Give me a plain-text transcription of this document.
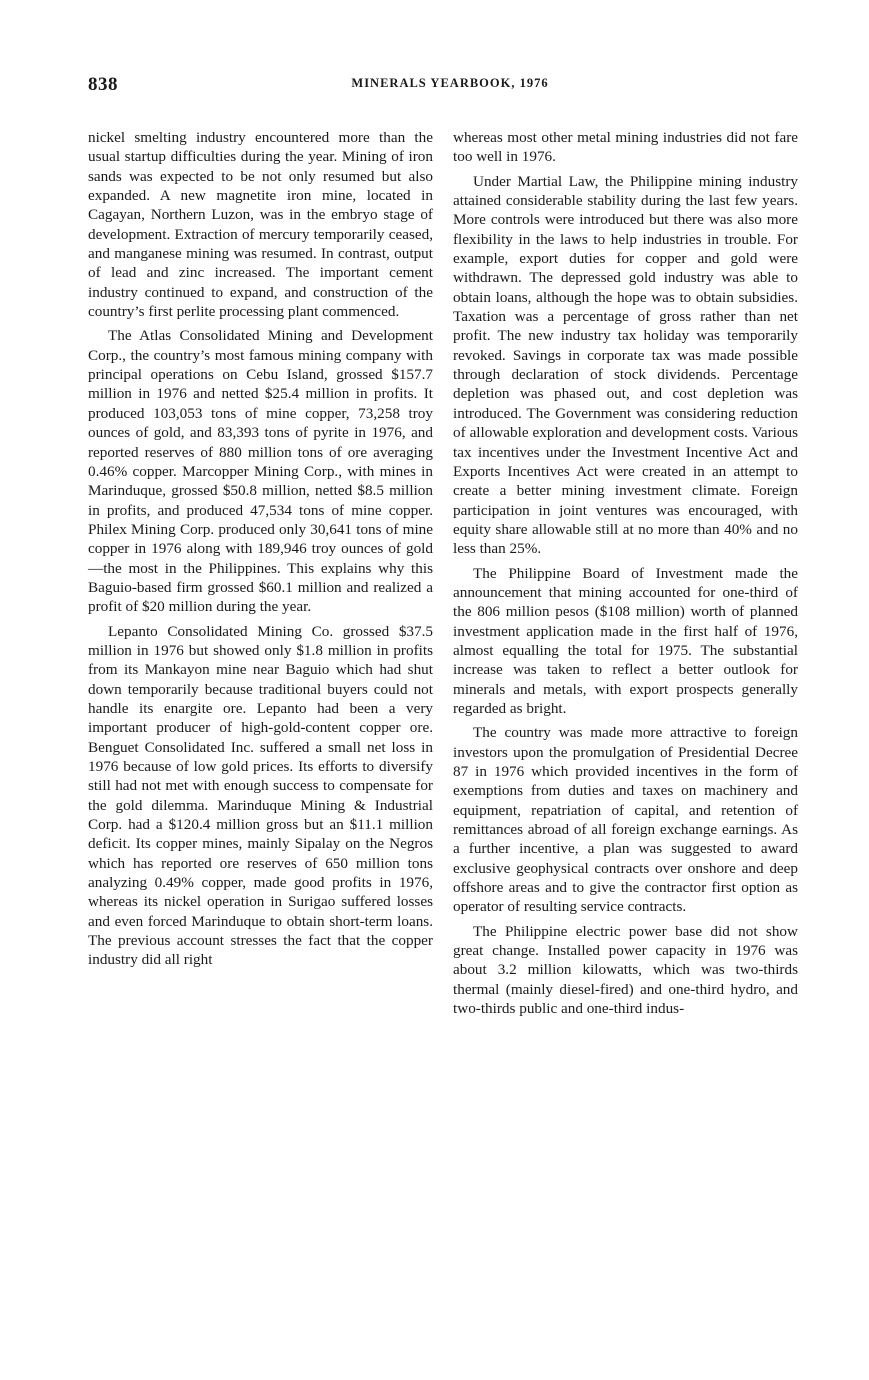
838	MINERALS YEARBOOK, 1976

nickel smelting industry encountered more than the usual startup difficulties during the year. Mining of iron sands was expected to be not only resumed but also expanded. A new magnetite iron mine, located in Cagayan, Northern Luzon, was in the embryo stage of development. Extraction of mercury temporarily ceased, and manganese mining was resumed. In contrast, output of lead and zinc increased. The important cement industry continued to expand, and construction of the country’s first perlite processing plant commenced.

The Atlas Consolidated Mining and Development Corp., the country’s most famous mining company with principal operations on Cebu Island, grossed $157.7 million in 1976 and netted $25.4 million in profits. It produced 103,053 tons of mine copper, 73,258 troy ounces of gold, and 83,393 tons of pyrite in 1976, and reported reserves of 880 million tons of ore averaging 0.46% copper. Marcopper Mining Corp., with mines in Marinduque, grossed $50.8 million, netted $8.5 million in profits, and produced 47,534 tons of mine copper. Philex Mining Corp. produced only 30,641 tons of mine copper in 1976 along with 189,946 troy ounces of gold—the most in the Philippines. This explains why this Baguio-based firm grossed $60.1 million and realized a profit of $20 million during the year.

Lepanto Consolidated Mining Co. grossed $37.5 million in 1976 but showed only $1.8 million in profits from its Mankayon mine near Baguio which had shut down temporarily because traditional buyers could not handle its enargite ore. Lepanto had been a very important producer of high-gold-content copper ore. Benguet Consolidated Inc. suffered a small net loss in 1976 because of low gold prices. Its efforts to diversify still had not met with enough success to compensate for the gold dilemma. Marinduque Mining & Industrial Corp. had a $120.4 million gross but an $11.1 million deficit. Its copper mines, mainly Sipalay on the Negros which has reported ore reserves of 650 million tons analyzing 0.49% copper, made good profits in 1976, whereas its nickel operation in Surigao suffered losses and even forced Marinduque to obtain short-term loans. The previous account stresses the fact that the copper industry did all right

whereas most other metal mining industries did not fare too well in 1976.

Under Martial Law, the Philippine mining industry attained considerable stability during the last few years. More controls were introduced but there was also more flexibility in the laws to help industries in trouble. For example, export duties for copper and gold were withdrawn. The depressed gold industry was able to obtain loans, although the hope was to obtain subsidies. Taxation was a percentage of gross rather than net profit. The new industry tax holiday was temporarily revoked. Savings in corporate tax was made possible through declaration of stock dividends. Percentage depletion was phased out, and cost depletion was introduced. The Government was considering reduction of allowable exploration and development costs. Various tax incentives under the Investment Incentive Act and Exports Incentives Act were created in an attempt to create a better mining investment climate. Foreign participation in joint ventures was encouraged, with equity share allowable still at no more than 40% and no less than 25%.

The Philippine Board of Investment made the announcement that mining accounted for one-third of the 806 million pesos ($108 million) worth of planned investment application made in the first half of 1976, almost equalling the total for 1975. The substantial increase was taken to reflect a better outlook for minerals and metals, with export prospects generally regarded as bright.

The country was made more attractive to foreign investors upon the promulgation of Presidential Decree 87 in 1976 which provided incentives in the form of exemptions from duties and taxes on machinery and equipment, repatriation of capital, and retention of remittances abroad of all foreign exchange earnings. As a further incentive, a plan was suggested to award exclusive geophysical contracts over onshore and deep offshore areas and to give the contractor first option as operator of resulting service contracts.

The Philippine electric power base did not show great change. Installed power capacity in 1976 was about 3.2 million kilowatts, which was two-thirds thermal (mainly diesel-fired) and one-third hydro, and two-thirds public and one-third indus-
